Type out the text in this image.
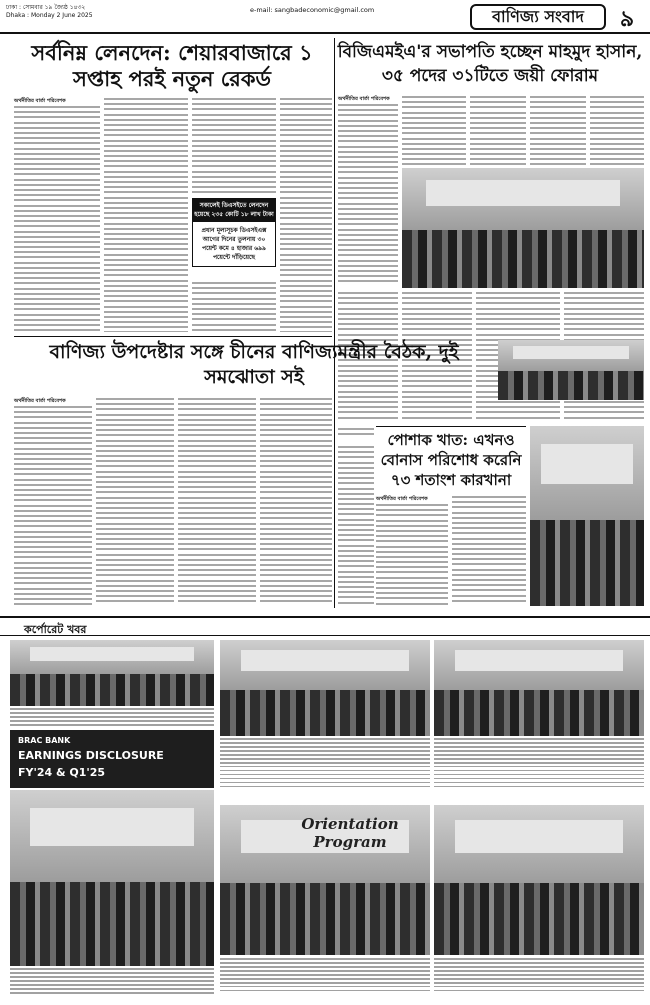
ঢাকা : সোমবার ১৯ জ্যৈষ্ঠ ১৪৩২
Dhaka : Monday 2 June 2025
e-mail: sangbadeconomic@gmail.com	বাণিজ্য সংবাদ	৯
সর্বনিম্ন লেনদেন: শেয়ারবাজারে ১ সপ্তাহ পরই নতুন রেকর্ড
অর্থনীতির বার্তা পরিবেশক
সকালেই ডিএসইতে লেনদেন হয়েছে ২৩৫ কোটি ১৮ লাখ টাকা
প্রধান মূল্যসূচক ডিএসইএক্স আগের দিনের তুলনায় ৩০ পয়েন্ট কমে ৪ হাজার ৬৯৯ পয়েন্টে দাঁড়িয়েছে
বিজিএমইএ'র সভাপতি হচ্ছেন মাহমুদ হাসান, ৩৫ পদের ৩১টিতে জয়ী ফোরাম
অর্থনীতির বার্তা পরিবেশক
বাণিজ্য উপদেষ্টার সঙ্গে চীনের বাণিজ্যমন্ত্রীর বৈঠক, দুই সমঝোতা সই
অর্থনীতির বার্তা পরিবেশক
পোশাক খাত: এখনও বোনাস পরিশোধ করেনি ৭৩ শতাংশ কারখানা
অর্থনীতির বার্তা পরিবেশক
কর্পোরেট খবর
BRAC BANK
EARNINGS DISCLOSURE
FY'24 & Q1'25
Orientation Program
